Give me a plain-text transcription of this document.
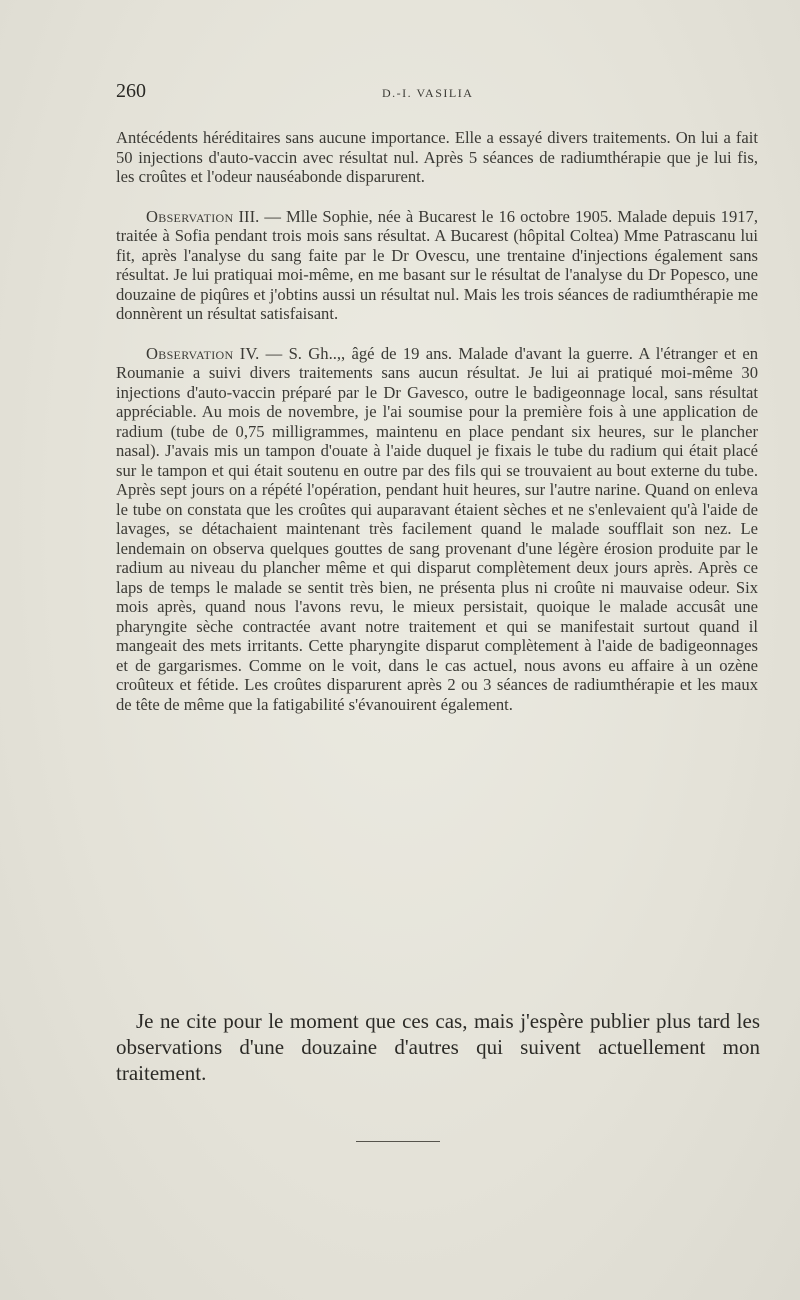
260	D.-I. VASILIA

Antécédents héréditaires sans aucune importance. Elle a essayé divers traitements. On lui a fait 50 injections d'auto-vaccin avec résultat nul. Après 5 séances de radiumthérapie que je lui fis, les croûtes et l'odeur nauséabonde disparurent.

Observation III. — Mlle Sophie, née à Bucarest le 16 octobre 1905. Malade depuis 1917, traitée à Sofia pendant trois mois sans résultat. A Bucarest (hôpital Coltea) Mme Patrascanu lui fit, après l'analyse du sang faite par le Dr Ovescu, une trentaine d'injections également sans résultat. Je lui pratiquai moi-même, en me basant sur le résultat de l'analyse du Dr Popesco, une douzaine de piqûres et j'obtins aussi un résultat nul. Mais les trois séances de radiumthérapie me donnèrent un résultat satisfaisant.

Observation IV. — S. Gh..,, âgé de 19 ans. Malade d'avant la guerre. A l'étranger et en Roumanie a suivi divers traitements sans aucun résultat. Je lui ai pratiqué moi-même 30 injections d'auto-vaccin préparé par le Dr Gavesco, outre le badigeonnage local, sans résultat appréciable. Au mois de novembre, je l'ai soumise pour la première fois à une application de radium (tube de 0,75 milligrammes, maintenu en place pendant six heures, sur le plancher nasal). J'avais mis un tampon d'ouate à l'aide duquel je fixais le tube du radium qui était placé sur le tampon et qui était soutenu en outre par des fils qui se trouvaient au bout externe du tube. Après sept jours on a répété l'opération, pendant huit heures, sur l'autre narine. Quand on enleva le tube on constata que les croûtes qui auparavant étaient sèches et ne s'enlevaient qu'à l'aide de lavages, se détachaient maintenant très facilement quand le malade soufflait son nez. Le lendemain on observa quelques gouttes de sang provenant d'une légère érosion produite par le radium au niveau du plancher même et qui disparut complètement deux jours après. Après ce laps de temps le malade se sentit très bien, ne présenta plus ni croûte ni mauvaise odeur. Six mois après, quand nous l'avons revu, le mieux persistait, quoique le malade accusât une pharyngite sèche contractée avant notre traitement et qui se manifestait surtout quand il mangeait des mets irritants. Cette pharyngite disparut complètement à l'aide de badigeonnages et de gargarismes. Comme on le voit, dans le cas actuel, nous avons eu affaire à un ozène croûteux et fétide. Les croûtes disparurent après 2 ou 3 séances de radiumthérapie et les maux de tête de même que la fatigabilité s'évanouirent également.

Je ne cite pour le moment que ces cas, mais j'espère publier plus tard les observations d'une douzaine d'autres qui suivent actuellement mon traitement.
